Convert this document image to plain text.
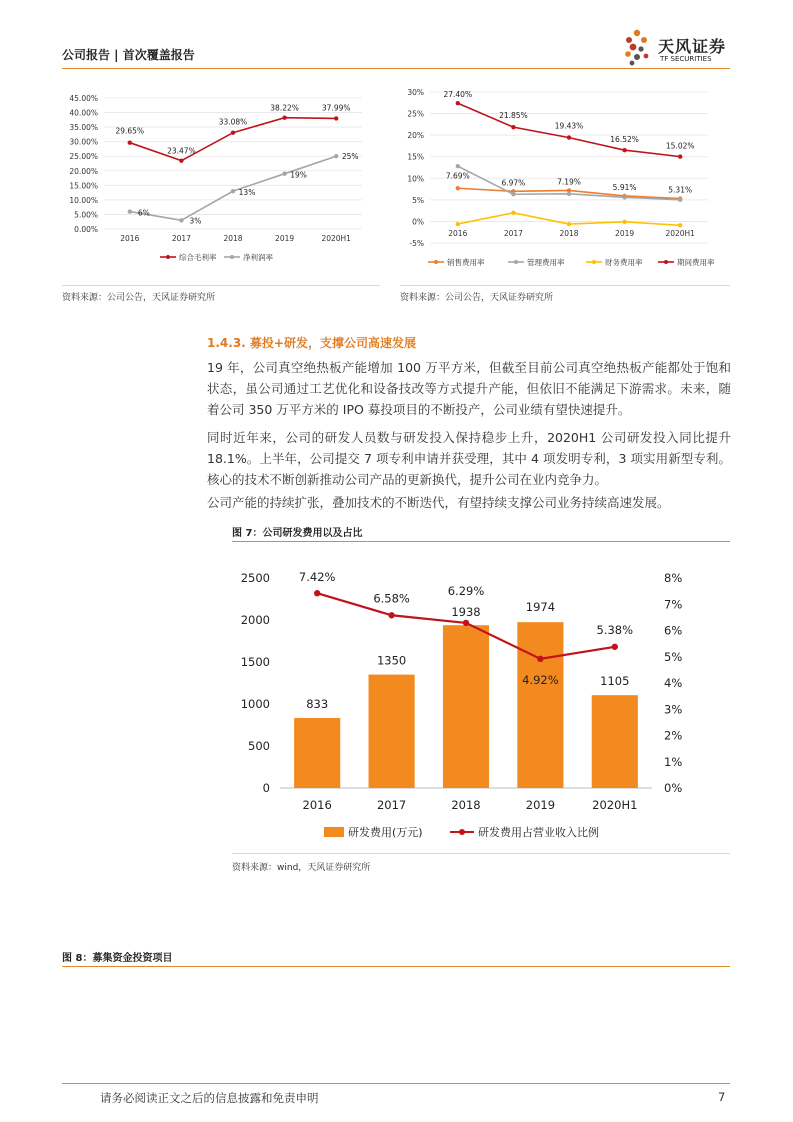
公司报告 | 首次覆盖报告	天风证券
TF SECURITIES
0.00%
5.00%
10.00%
15.00%
20.00%
25.00%
30.00%
35.00%
40.00%
45.00%
2016	2017	2018	2019	2020H1
29.65%
23.47%
33.08%
38.22%	37.99%
6%
3%
13%
19%
25%
综合毛利率	净利润率
-5%
0%
5%
10%
15%
20%
25%
30%
2016	2017	2018	2019	2020H1
7.69%
6.97%	7.19%
5.91%	5.31%
27.40%
21.85%
19.43%
16.52%
15.02%
销售费用率	管理费用率	财务费用率	期间费用率
资料来源：公司公告，天风证券研究所	资料来源：公司公告，天风证券研究所
1.4.3. 募投+研发，支撑公司高速发展
19 年，公司真空绝热板产能增加 100 万平方米，但截至目前公司真空绝热板产能都处于饱和状态，虽公司通过工艺优化和设备技改等方式提升产能，但依旧不能满足下游需求。未来，随着公司 350 万平方米的 IPO 募投项目的不断投产，公司业绩有望快速提升。
同时近年来，公司的研发人员数与研发投入保持稳步上升，2020H1 公司研发投入同比提升 18.1%。上半年，公司提交 7 项专利申请并获受理，其中 4 项发明专利，3 项实用新型专利。核心的技术不断创新推动公司产品的更新换代，提升公司在业内竞争力。
公司产能的持续扩张，叠加技术的不断迭代，有望持续支撑公司业务持续高速发展。
图 7：公司研发费用以及占比
0
500
1000
1500
2000
2500
0%
1%
2%
3%
4%
5%
6%
7%
8%
2016	2017	2018	2019	2020H1
833
1350
1938	1974
1105
7.42%
6.58%
6.29%
4.92%
5.38%
研发费用(万元)	研发费用占营业收入比例
资料来源：wind，天风证券研究所
图 8：募集资金投资项目
请务必阅读正文之后的信息披露和免责申明	7
